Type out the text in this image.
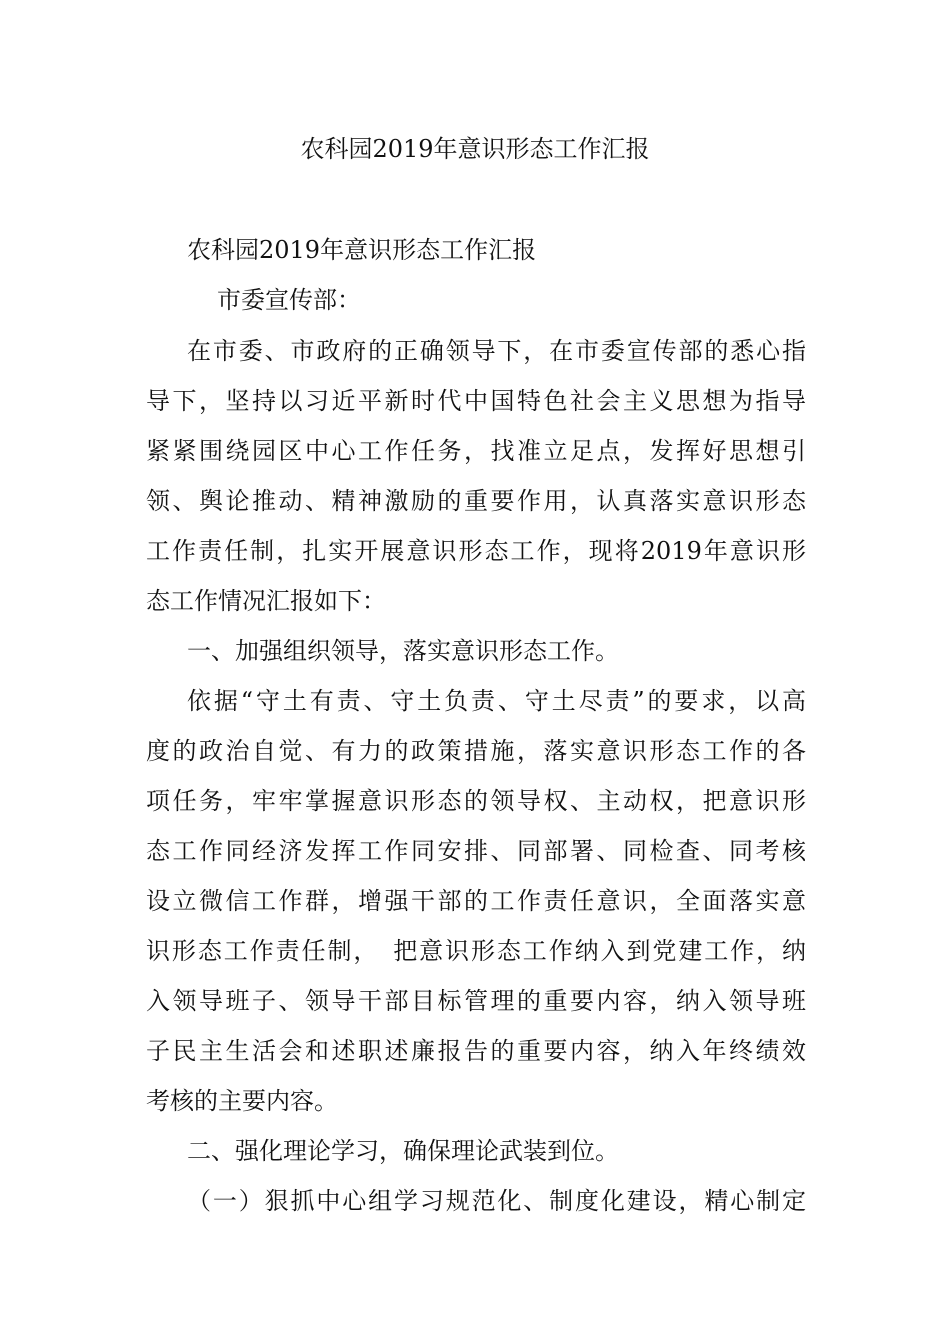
农科园2019年意识形态工作汇报
农科园2019年意识形态工作汇报
市委宣传部：
在市委、市政府的正确领导下，在市委宣传部的悉心指
导下，坚持以习近平新时代中国特色社会主义思想为指导
紧紧围绕园区中心工作任务，找准立足点，发挥好思想引
领、舆论推动、精神激励的重要作用，认真落实意识形态
工作责任制，扎实开展意识形态工作，现将2019年意识形
态工作情况汇报如下：
一、加强组织领导，落实意识形态工作。
依据“守土有责、守土负责、守土尽责”的要求，以高
度的政治自觉、有力的政策措施，落实意识形态工作的各
项任务，牢牢掌握意识形态的领导权、主动权，把意识形
态工作同经济发挥工作同安排、同部署、同检查、同考核
设立微信工作群，增强干部的工作责任意识，全面落实意
识形态工作责任制，　把意识形态工作纳入到党建工作，纳
入领导班子、领导干部目标管理的重要内容，纳入领导班
子民主生活会和述职述廉报告的重要内容，纳入年终绩效
考核的主要内容。
二、强化理论学习，确保理论武装到位。
（一）狠抓中心组学习规范化、制度化建设，精心制定
